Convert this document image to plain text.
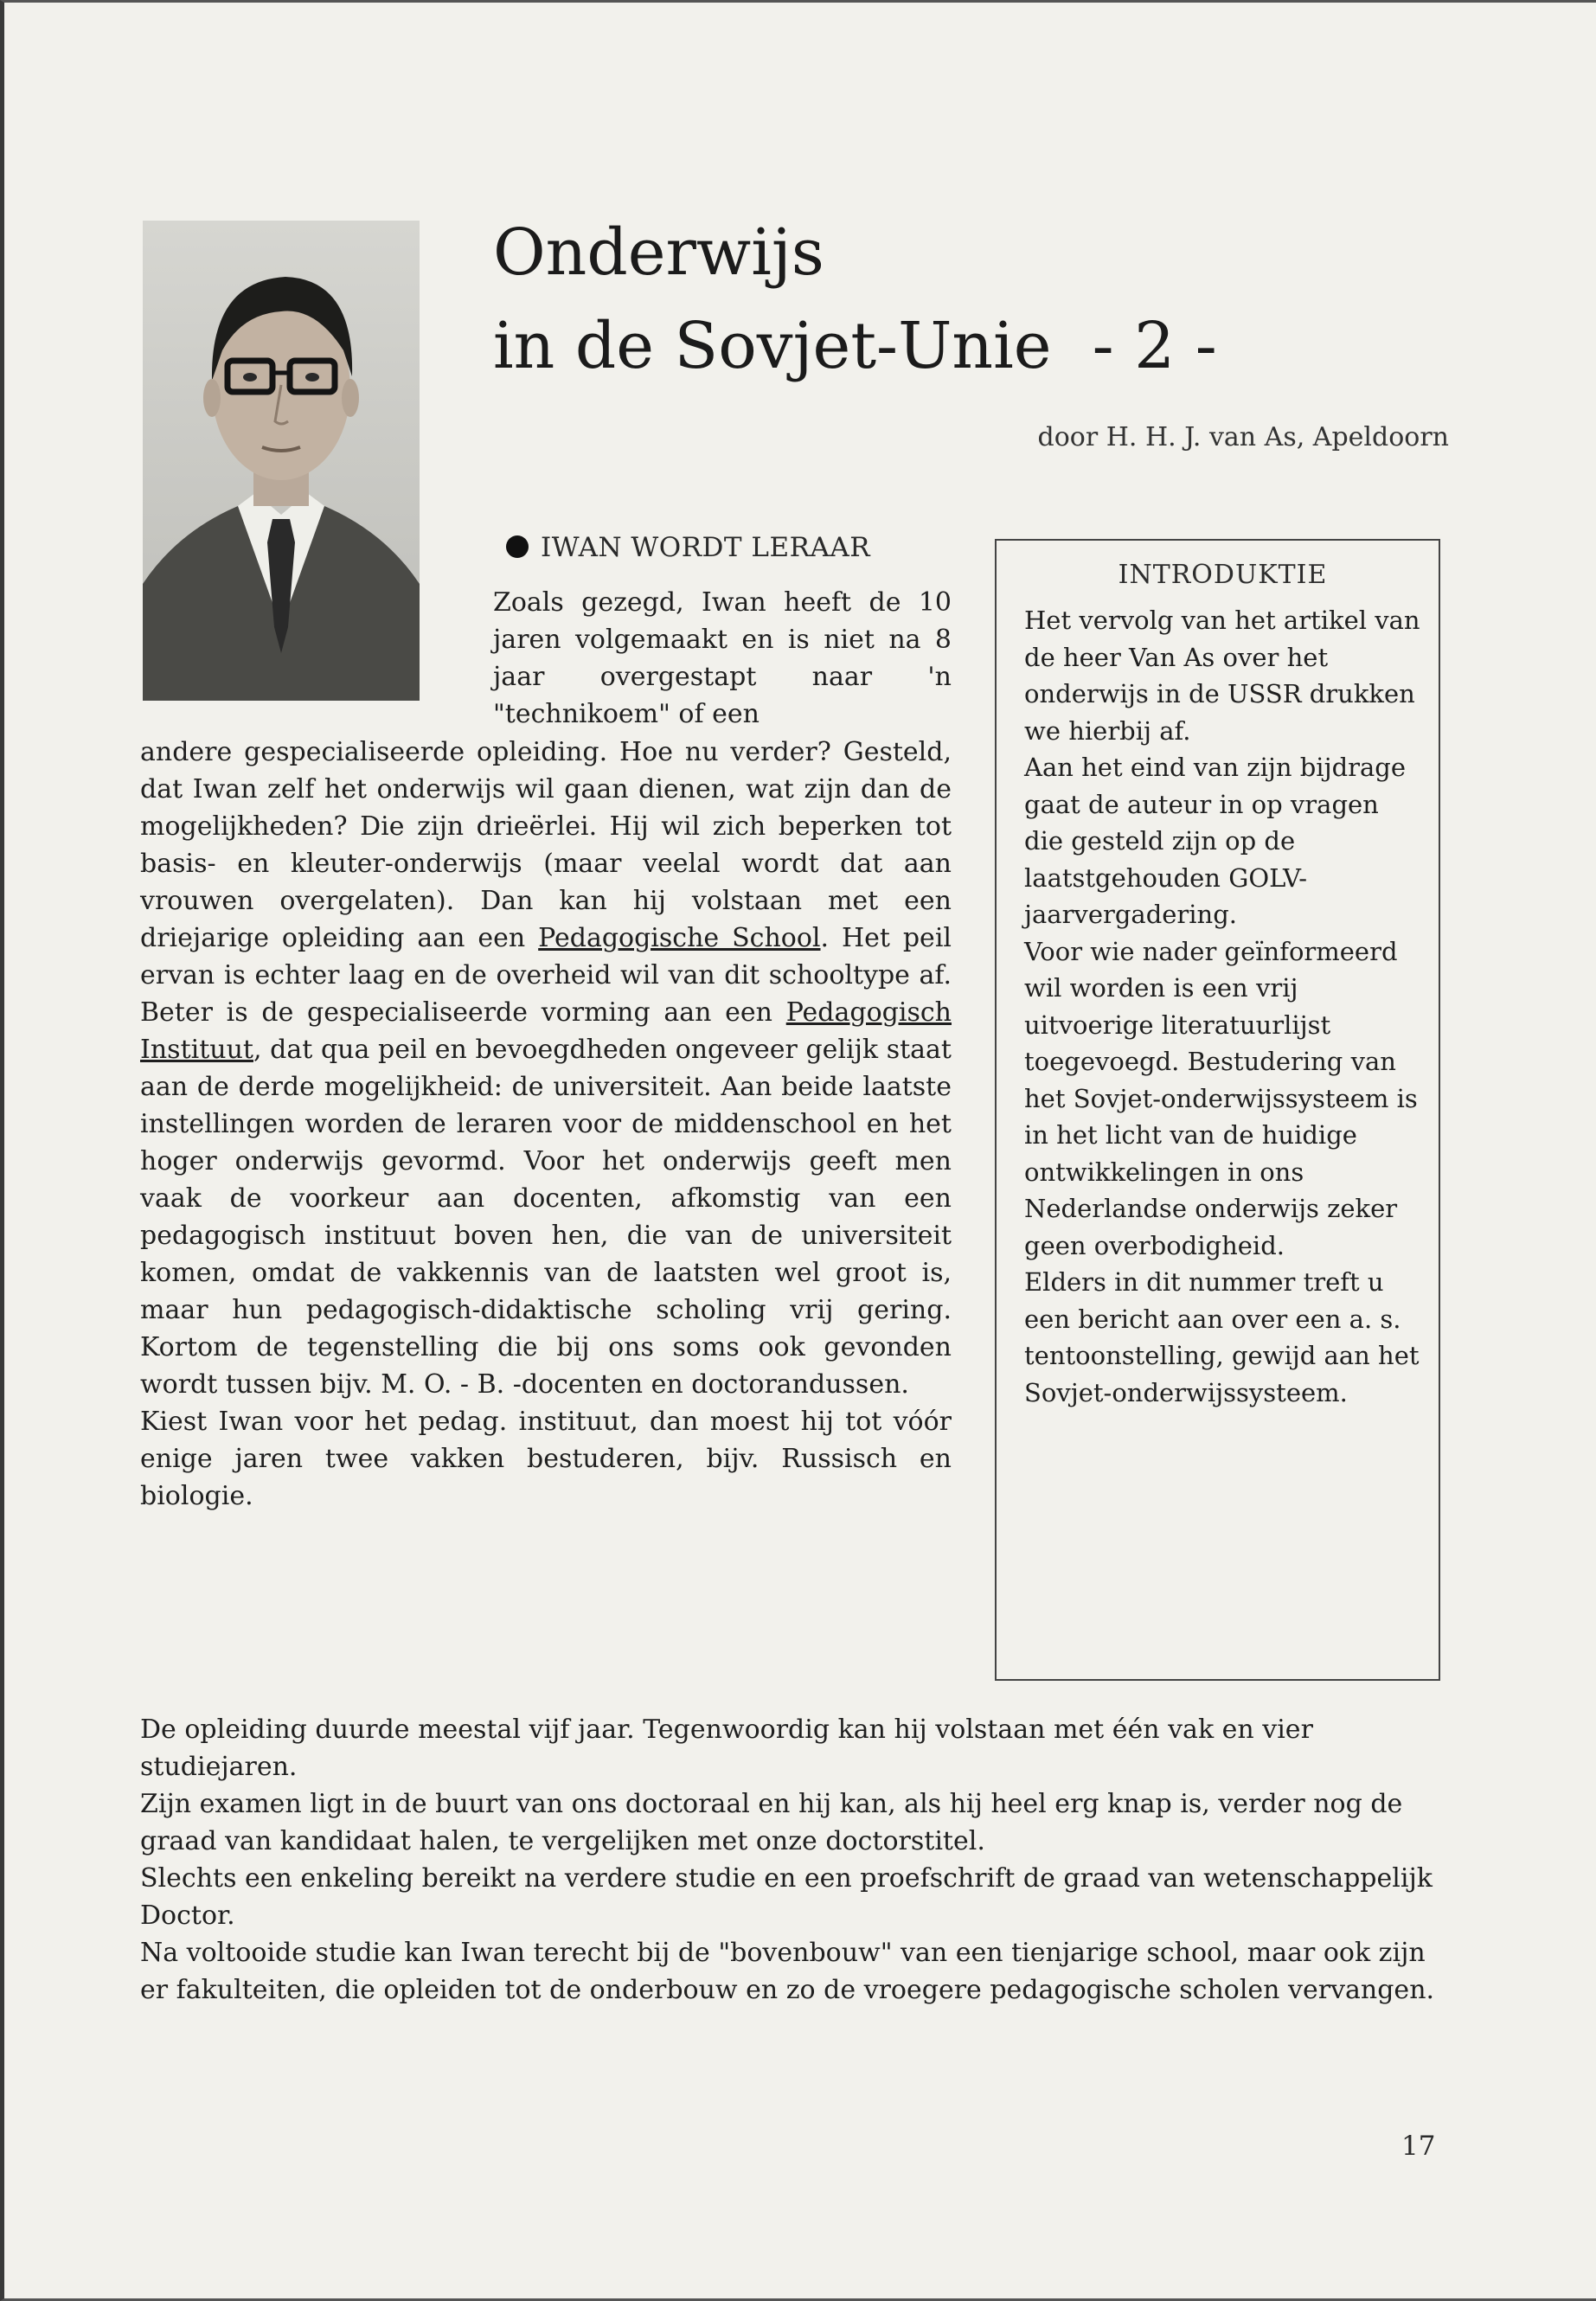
Onderwijs
in de Sovjet-Unie  - 2 -
door H. H. J. van As, Apeldoorn
IWAN WORDT LERAAR
Zoals gezegd, Iwan heeft de 10 jaren volgemaakt en is niet na 8 jaar overgestapt naar 'n "technikoem" of een
andere gespecialiseerde opleiding. Hoe nu verder? Gesteld, dat Iwan zelf het onderwijs wil gaan dienen, wat zijn dan de mogelijkheden? Die zijn drieërlei. Hij wil zich beperken tot basis- en kleuter-onderwijs (maar veelal wordt dat aan vrouwen overgelaten). Dan kan hij volstaan met een driejarige opleiding aan een Pedagogische School. Het peil ervan is echter laag en de overheid wil van dit schooltype af. Beter is de gespecialiseerde vorming aan een Pedagogisch Instituut, dat qua peil en bevoegdheden ongeveer gelijk staat aan de derde mogelijkheid: de universiteit. Aan beide laatste instellingen worden de leraren voor de middenschool en het hoger onderwijs gevormd. Voor het onderwijs geeft men vaak de voorkeur aan docenten, afkomstig van een pedagogisch instituut boven hen, die van de universiteit komen, omdat de vakkennis van de laatsten wel groot is, maar hun pedagogisch-didaktische scholing vrij gering. Kortom de tegenstelling die bij ons soms ook gevonden wordt tussen bijv. M. O. - B. -docenten en doctorandussen.
Kiest Iwan voor het pedag. instituut, dan moest hij tot vóór enige jaren twee vakken bestuderen, bijv. Russisch en biologie.

De opleiding duurde meestal vijf jaar. Tegenwoordig kan hij volstaan met één vak en vier studiejaren.

Zijn examen ligt in de buurt van ons doctoraal en hij kan, als hij heel erg knap is, verder nog de graad van kandidaat halen, te vergelijken met onze doctorstitel.

Slechts een enkeling bereikt na verdere studie en een proefschrift de graad van wetenschappelijk Doctor.

Na voltooide studie kan Iwan terecht bij de "bovenbouw" van een tienjarige school, maar ook zijn er fakulteiten, die opleiden tot de onderbouw en zo de vroegere pedagogische scholen vervangen.

INTRODUKTIE

Het vervolg van het artikel van de heer Van As over het onderwijs in de USSR drukken we hierbij af.

Aan het eind van zijn bijdrage gaat de auteur in op vragen die gesteld zijn op de laatstgehouden GOLV-jaarvergadering.

Voor wie nader geïnformeerd wil worden is een vrij uitvoerige literatuurlijst toegevoegd. Bestudering van het Sovjet-onderwijssysteem is in het licht van de huidige ontwikkelingen in ons Nederlandse onderwijs zeker geen overbodigheid.

Elders in dit nummer treft u een bericht aan over een a. s. tentoonstelling, gewijd aan het Sovjet-onderwijssysteem.

17
